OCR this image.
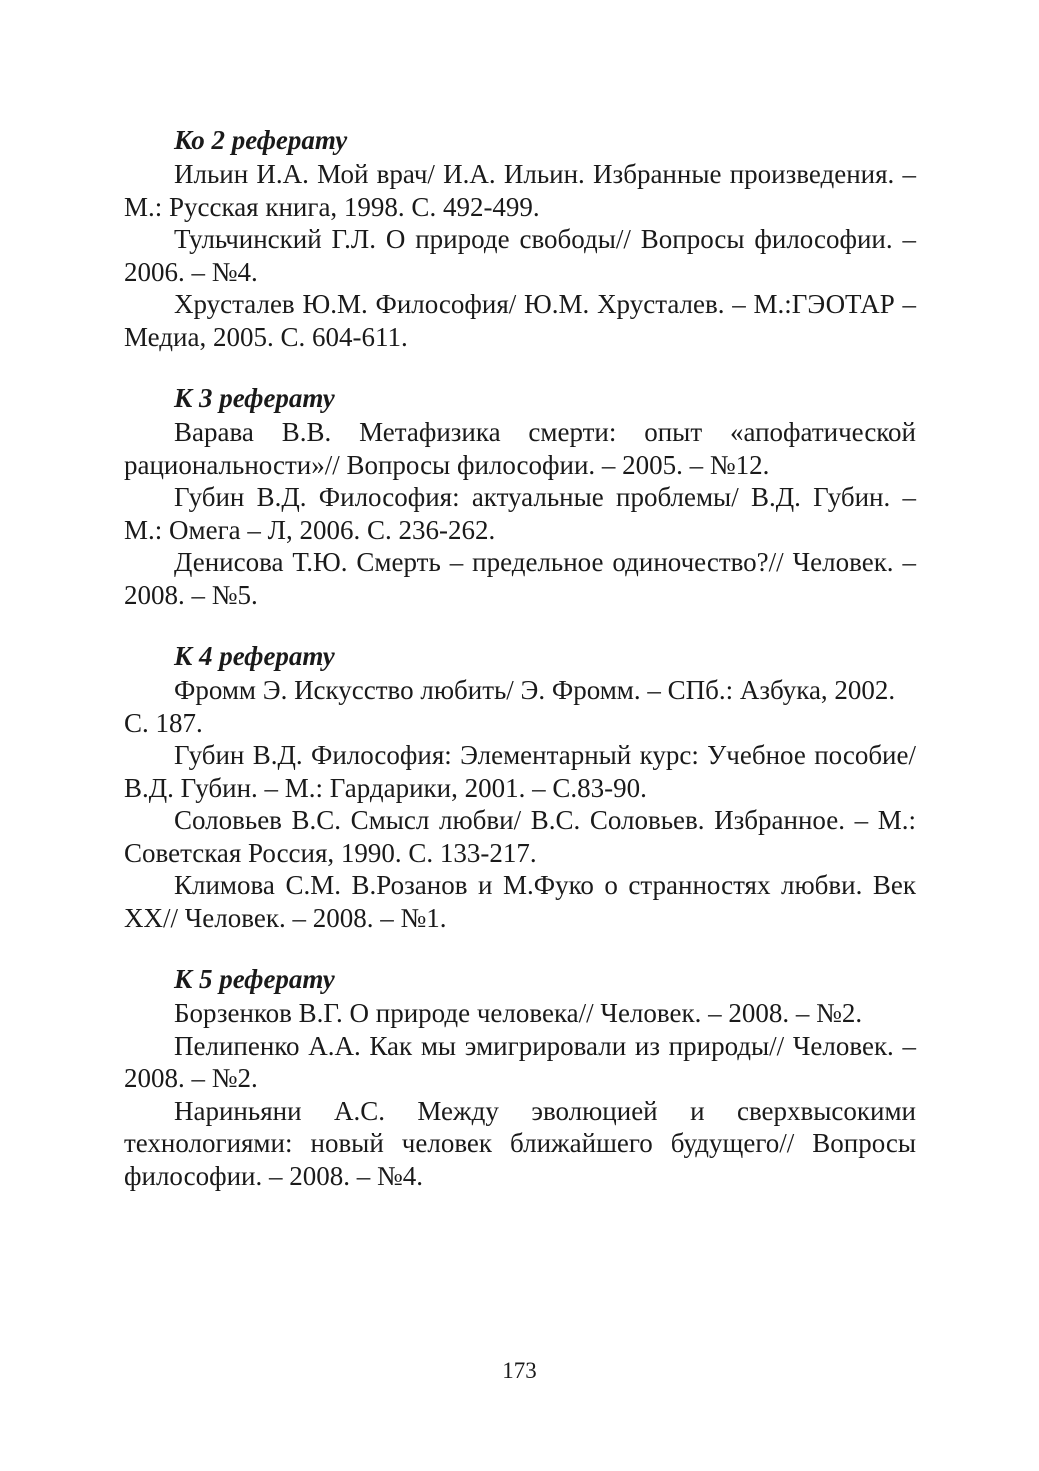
Ко 2 реферату

Ильин И.А. Мой врач/ И.А. Ильин. Избранные произведения. – М.: Русская книга, 1998. С. 492-499.

Тульчинский Г.Л. О природе свободы// Вопросы философии. – 2006. – №4.

Хрусталев Ю.М. Философия/ Ю.М. Хрусталев. – М.:ГЭОТАР – Медиа, 2005. С. 604-611.

К 3 реферату

Варава В.В. Метафизика смерти: опыт «апофатической рациональности»// Вопросы философии. – 2005. – №12.

Губин В.Д. Философия: актуальные проблемы/ В.Д. Губин. – М.: Омега – Л, 2006. С. 236-262.

Денисова Т.Ю. Смерть – предельное одиночество?// Человек. – 2008. – №5.

К 4 реферату

Фромм Э. Искусство любить/ Э. Фромм. – СПб.: Азбука, 2002. С. 187.

Губин В.Д. Философия: Элементарный курс: Учебное пособие/ В.Д. Губин. – М.: Гардарики, 2001. – С.83-90.

Соловьев В.С. Смысл любви/ В.С. Соловьев. Избранное. – М.: Советская Россия, 1990. С. 133-217.

Климова С.М. В.Розанов и М.Фуко о странностях любви. Век ХХ// Человек. – 2008. – №1.

К 5 реферату

Борзенков В.Г. О природе человека// Человек. – 2008. – №2.

Пелипенко А.А. Как мы эмигрировали из природы// Человек. – 2008. – №2.

Нариньяни А.С. Между эволюцией и сверхвысокими технологиями: новый человек ближайшего будущего// Вопросы философии. – 2008. – №4.

173
